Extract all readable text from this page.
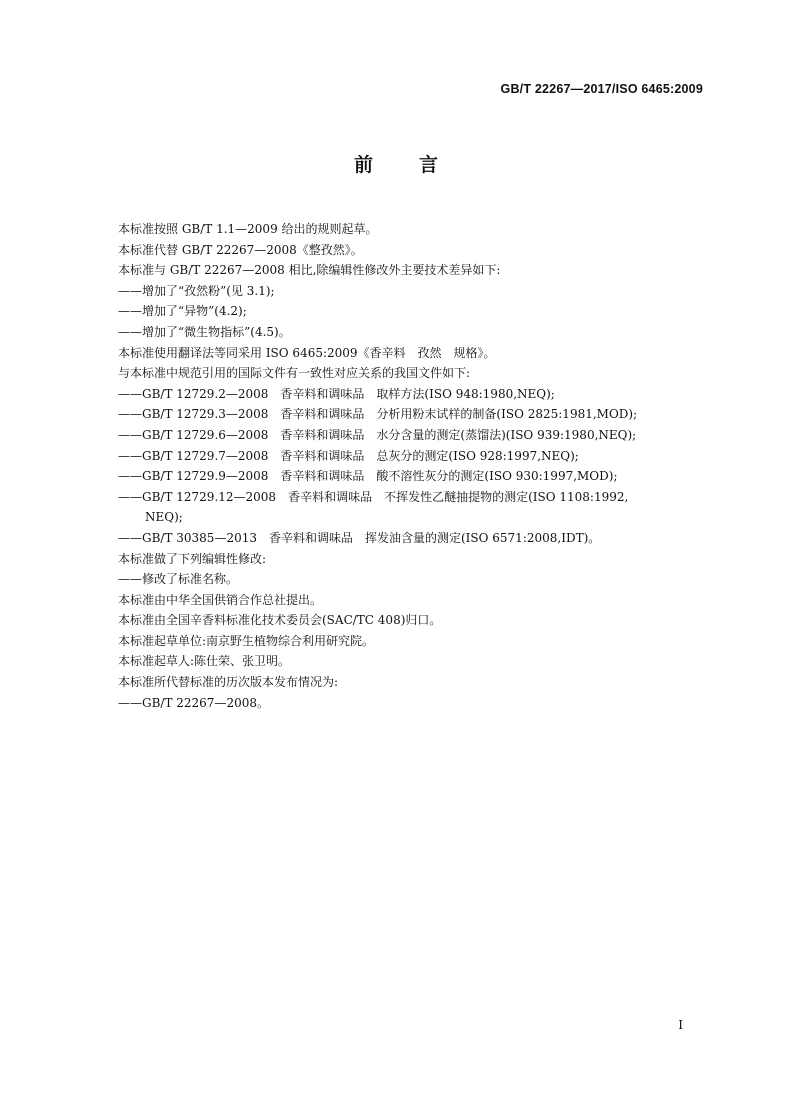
GB/T 22267—2017/ISO 6465:2009
前 言
本标准按照 GB/T 1.1—2009 给出的规则起草。
本标准代替 GB/T 22267—2008《整孜然》。
本标准与 GB/T 22267—2008 相比,除编辑性修改外主要技术差异如下:
——增加了“孜然粉”(见 3.1);
——增加了“异物”(4.2);
——增加了“微生物指标”(4.5)。
本标准使用翻译法等同采用 ISO 6465:2009《香辛料　孜然　规格》。
与本标准中规范引用的国际文件有一致性对应关系的我国文件如下:
——GB/T 12729.2—2008　香辛料和调味品　取样方法(ISO 948:1980,NEQ);
——GB/T 12729.3—2008　香辛料和调味品　分析用粉末试样的制备(ISO 2825:1981,MOD);
——GB/T 12729.6—2008　香辛料和调味品　水分含量的测定(蒸馏法)(ISO 939:1980,NEQ);
——GB/T 12729.7—2008　香辛料和调味品　总灰分的测定(ISO 928:1997,NEQ);
——GB/T 12729.9—2008　香辛料和调味品　酸不溶性灰分的测定(ISO 930:1997,MOD);
——GB/T 12729.12—2008　香辛料和调味品　不挥发性乙醚抽提物的测定(ISO 1108:1992,
NEQ);
——GB/T 30385—2013　香辛料和调味品　挥发油含量的测定(ISO 6571:2008,IDT)。
本标准做了下列编辑性修改:
——修改了标准名称。
本标准由中华全国供销合作总社提出。
本标准由全国辛香料标准化技术委员会(SAC/TC 408)归口。
本标准起草单位:南京野生植物综合利用研究院。
本标准起草人:陈仕荣、张卫明。
本标准所代替标准的历次版本发布情况为:
——GB/T 22267—2008。
I
